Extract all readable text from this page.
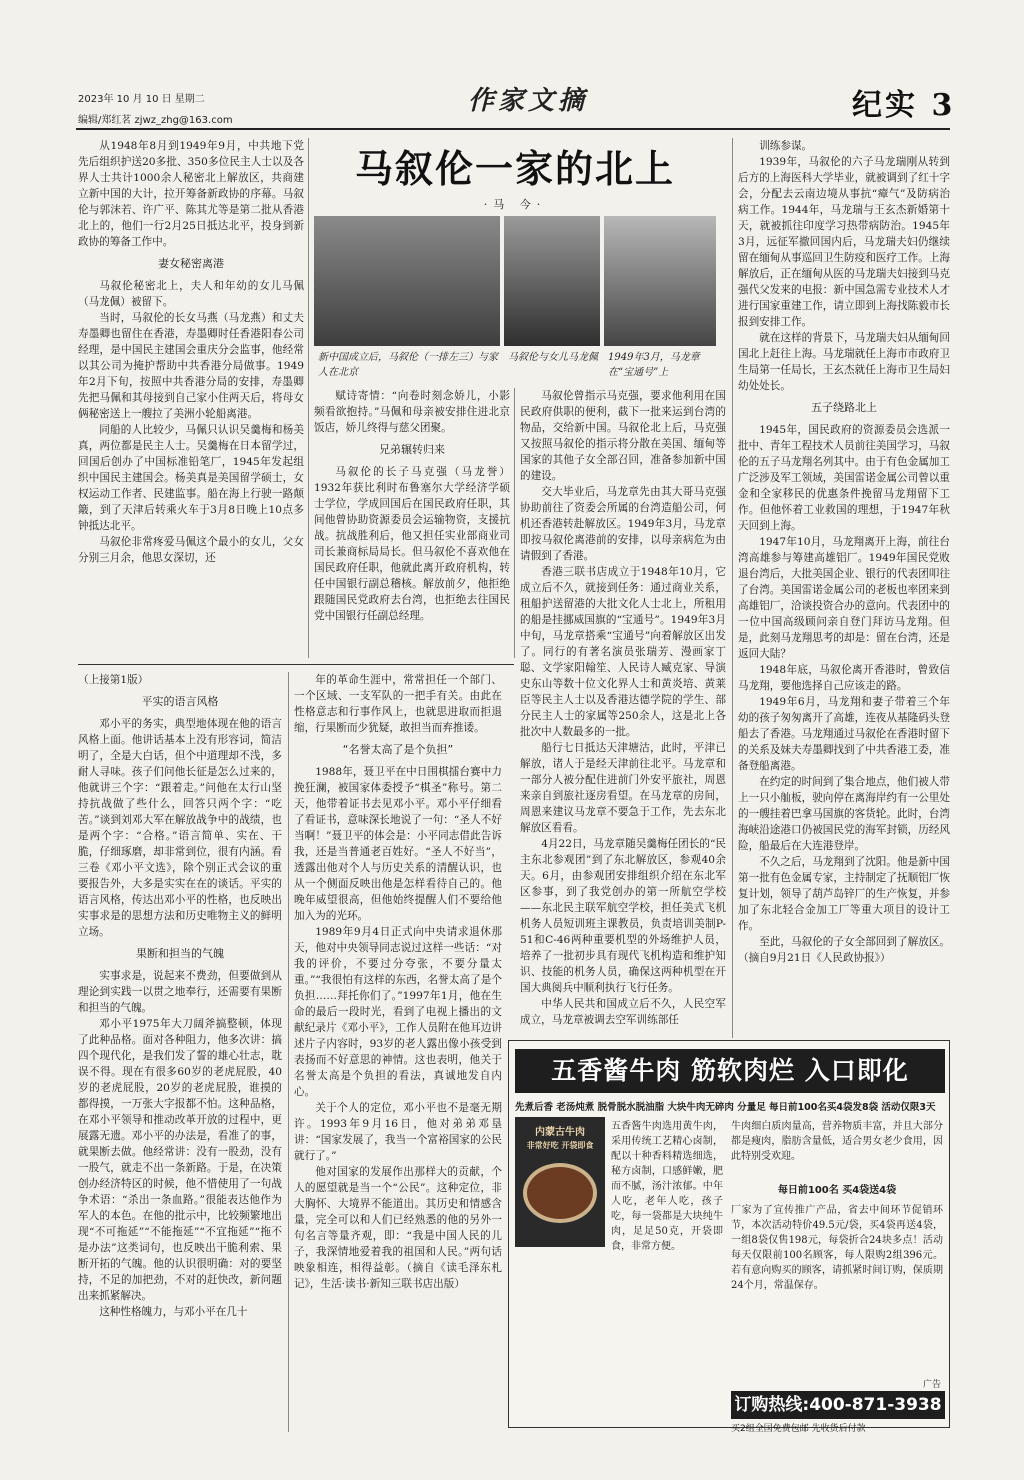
2023年 10 月 10 日 星期二
编辑/郑红茗 zjwz_zhg@163.com
作家文摘	纪实 3

从1948年8月到1949年9月，中共地下党先后组织护送20多批、350多位民主人士以及各界人士共计1000余人秘密北上解放区，共商建立新中国的大计，拉开筹备新政协的序幕。马叙伦与郭沫若、许广平、陈其尤等是第二批从香港北上的，他们一行2月25日抵达北平，投身到新政协的筹备工作中。

妻女秘密离港

马叙伦秘密北上，夫人和年幼的女儿马佩（马龙佩）被留下。

当时，马叙伦的长女马燕（马龙燕）和丈夫寿墨卿也留住在香港，寿墨卿时任香港阳春公司经理，是中国民主建国会重庆分会监事，他经常以其公司为掩护帮助中共香港分局做事。1949年2月下旬，按照中共香港分局的安排，寿墨卿先把马佩和其母接到自己家小住两天后，将母女俩秘密送上一艘拉了美洲小轮船离港。

同船的人比较少，马佩只认识吴羹梅和杨美真，两位都是民主人士。吴羹梅在日本留学过，回国后创办了中国标准铅笔厂，1945年发起组织中国民主建国会。杨美真是美国留学硕士，女权运动工作者、民建监事。船在海上行驶一路颠簸，到了天津后转乘火车于3月8日晚上10点多钟抵达北平。

马叙伦非常疼爱马佩这个最小的女儿，父女分别三月余，他思女深切，还

马叙伦一家的北上
·马 今·
新中国成立后，马叙伦（一排左三）与家人在北京
马叙伦与女儿马龙佩 1949年3月，马龙章在“宝通号”上

赋诗寄情：“向卷时刻念娇儿，小影频看欲抱持。”马佩和母亲被安排住进北京饭店，娇儿终得与慈父团聚。

兄弟辗转归来

马叙伦的长子马克强（马龙誉）1932年获比利时布鲁塞尔大学经济学硕士学位，学成回国后在国民政府任职，其间他曾协助资源委员会运输物资，支援抗战。抗战胜利后，他又担任实业部商业司司长兼商标局局长。但马叙伦不喜欢他在国民政府任职，他就此离开政府机构，转任中国银行副总稽核。解放前夕，他拒绝跟随国民党政府去台湾，也拒绝去往国民党中国银行任副总经理。

马叙伦曾指示马克强，要求他利用在国民政府供职的便利，截下一批来运到台湾的物品，交给新中国。马叙伦北上后，马克强又按照马叙伦的指示将分散在美国、缅甸等国家的其他子女全部召回，准备参加新中国的建设。

交大毕业后，马龙章先由其大哥马克强协助前往了资委会所属的台湾造船公司，何机还香港转赴解放区。1949年3月，马龙章即按马叙伦离港前的安排，以母亲病危为由请假到了香港。

香港三联书店成立于1948年10月，它成立后不久，就接到任务：通过商业关系，租船护送留港的大批文化人士北上，所租用的船是挂挪威国旗的“宝通号”。1949年3月中旬，马龙章搭乘“宝通号”向着解放区出发了。同行的有著名演员张瑞芳、漫画家丁聪、文学家阳翰笙、人民诗人臧克家、导演史东山等数十位文化界人士和黄炎培、黄莱臣等民主人士以及香港达德学院的学生、部分民主人士的家属等250余人，这是北上各批次中人数最多的一批。

船行七日抵达天津塘沽，此时，平津已解放，诸人于是经天津前往北平。马龙章和一部分人被分配住进前门外安平旅社，周恩来亲自到旅社逐房看望。在马龙章的房间，周恩来建议马龙章不要急于工作，先去东北解放区看看。

4月22日，马龙章随吴羹梅任团长的“民主东北参观团”到了东北解放区，参观40余天。6月，由参观团安排组织介绍在东北军区参事，到了我党创办的第一所航空学校——东北民主联军航空学校，担任美式飞机机务人员短训班主课教员，负责培训美制P-51和C-46两种重要机型的外场维护人员，培养了一批初步具有现代飞机构造和维护知识、技能的机务人员，确保这两种机型在开国大典阅兵中顺利执行飞行任务。

中华人民共和国成立后不久，人民空军成立，马龙章被调去空军训练部任

训练参谋。

1939年，马叙伦的六子马龙瑞刚从转到后方的上海医科大学毕业，就被调到了红十字会，分配去云南边境从事抗“瘴气”及防病治病工作。1944年，马龙瑞与王玄杰新婚第十天，就被抓往印度学习热带病防治。1945年3月，远征军撤回国内后，马龙瑞夫妇仍继续留在缅甸从事巡回卫生防疫和医疗工作。上海解放后，正在缅甸从医的马龙瑞夫妇接到马克强代父发来的电报：新中国急需专业技术人才进行国家重建工作，请立即到上海找陈毅市长报到安排工作。

就在这样的背景下，马龙瑞夫妇从缅甸回国北上赶往上海。马龙瑞就任上海市市政府卫生局第一任局长，王玄杰就任上海市卫生局妇幼处处长。

五子绕路北上

1945年，国民政府的资源委员会选派一批中、青年工程技术人员前往美国学习，马叙伦的五子马龙翔名列其中。由于有色金属加工广泛涉及军工领域，美国雷诺金属公司曾以重金和全家移民的优惠条件挽留马龙翔留下工作。但他怀着工业救国的理想，于1947年秋天回到上海。

1947年10月，马龙翔离开上海，前往台湾高雄参与筹建高雄铝厂。1949年国民党败退台湾后，大批美国企业、银行的代表团叩往了台湾。美国雷诺金属公司的老板也率团来到高雄铝厂，洽谈投资合办的意向。代表团中的一位中国高级顾问亲自登门拜访马龙翔。但是，此刻马龙翔思考的却是：留在台湾，还是返回大陆？

1948年底，马叙伦离开香港时，曾致信马龙翔，要他选择自己应该走的路。

1949年6月，马龙翔和妻子带着三个年幼的孩子匆匆离开了高雄，连夜从基隆码头登船去了香港。马龙翔通过马叙伦在香港时留下的关系及妹夫寿墨卿找到了中共香港工委，准备登船离港。

在约定的时间到了集合地点，他们被人带上一只小舢板，驶向停在离海岸约有一公里处的一艘挂着巴拿马国旗的客货轮。此时，台湾海峡沿途港口仍被国民党的海军封锁，历经风险，船最后在大连港登岸。

不久之后，马龙翔到了沈阳。他是新中国第一批有色金属专家，主持制定了抚顺铝厂恢复计划，领导了葫芦岛锌厂的生产恢复，并参加了东北轻合金加工厂等重大项目的设计工作。

至此，马叙伦的子女全部回到了解放区。（摘自9月21日《人民政协报》）

（上接第1版）
平实的语言风格

邓小平的务实，典型地体现在他的语言风格上面。他讲话基本上没有形容词，简洁明了，全是大白话，但个中道理却不浅，多耐人寻味。孩子们问他长征是怎么过来的，他就讲三个字：“跟着走。”问他在太行山坚持抗战做了些什么，回答只两个字：“吃苦。”谈到刘邓大军在解放战争中的战绩，也是两个字：“合格。”语言简单、实在、干脆，仔细琢磨，却非常到位，很有内涵。看三卷《邓小平文选》，除个别正式会议的重要报告外，大多是实实在在的谈话。平实的语言风格，传达出邓小平的性格，也反映出实事求是的思想方法和历史唯物主义的鲜明立场。

果断和担当的气魄

实事求是，说起来不费劲，但要做到从理论到实践一以贯之地奉行，还需要有果断和担当的气魄。

邓小平1975年大刀阔斧搞整顿，体现了此种品格。面对各种阻力，他多次讲：搞四个现代化，是我们发了誓的雄心壮志，耽误不得。现在有很多60岁的老虎屁股，40岁的老虎屁股，20岁的老虎屁股，谁摸的都得摸，一万张大字报都不怕。这种品格，在邓小平领导和推动改革开放的过程中，更展露无遗。邓小平的办法是，看准了的事，就果断去做。他经常讲：没有一股劲，没有一股气，就走不出一条新路。于是，在决策创办经济特区的时候，他不惜使用了一句战争术语：“杀出一条血路。”很能表达他作为军人的本色。在他的批示中，比较频繁地出现“不可拖延”“不能拖延”“不宜拖延”“拖不是办法”这类词句，也反映出干脆利索、果断开拓的气魄。他的认识很明确：对的要坚持，不足的加把劲，不对的赶快改，新问题出来抓紧解决。

这种性格魄力，与邓小平在几十

年的革命生涯中，常常担任一个部门、一个区域、一支军队的一把手有关。由此在性格意志和行事作风上，也就思进取而拒退缩，行果断而少犹疑，敢担当而弃推诿。

“名誉太高了是个负担”

1988年，聂卫平在中日围棋擂台赛中力挽狂澜，被国家体委授予“棋圣”称号。第二天，他带着证书去见邓小平。邓小平仔细看了看证书，意味深长地说了一句：“圣人不好当啊！”聂卫平的体会是：小平同志借此告诉我，还是当普通老百姓好。“圣人不好当”，透露出他对个人与历史关系的清醒认识，也从一个侧面反映出他是怎样看待自己的。他晚年威望很高，但他始终提醒人们不要给他加入为的光环。

1989年9月4日正式向中央请求退休那天，他对中央领导同志说过这样一些话：“对我的评价，不要过分夸张，不要分量太重。”“我很怕有这样的东西，名誉太高了是个负担……拜托你们了。”1997年1月，他在生命的最后一段时光，看到了电视上播出的文献纪录片《邓小平》，工作人员附在他耳边讲述片子内容时，93岁的老人露出像小孩受到表扬而不好意思的神情。这也表明，他关于名誉太高是个负担的看法，真诚地发自内心。

关于个人的定位，邓小平也不是毫无期许。1993年9月16日，他对弟弟邓垦讲：“国家发展了，我当一个富裕国家的公民就行了。”

他对国家的发展作出那样大的贡献，个人的愿望就是当一个“公民”。这种定位，非大胸怀、大境界不能道出。其历史和情感含量，完全可以和人们已经熟悉的他的另外一句名言等量齐观，即：“我是中国人民的儿子，我深情地爱着我的祖国和人民。”两句话映象相连，相得益彰。（摘自《读毛泽东札记》，生活·读书·新知三联书店出版）

五香酱牛肉 筋软肉烂 入口即化
先煮后香 老汤炖煮 脱骨脱水脱油脂 大块牛肉无碎肉 分量足 每日前100名买4袋发8袋 活动仅限3天
内蒙古牛肉
非常好吃 开袋即食
五香酱牛肉选用黄牛肉，采用传统工艺精心卤制，配以十种香料精选细选，秘方卤制，口感鲜嫩，肥而不腻，汤汁浓郁。中年人吃，老年人吃，孩子吃，每一袋都是大块纯牛肉，足足50克，开袋即食，非常方便。
牛肉细白质肉量高，营养物质丰富，并且大部分都是瘦肉，脂肪含量低，适合男女老少食用，因此特别受欢迎。
每日前100名 买4袋送4袋
厂家为了宣传推广产品，省去中间环节促销环节，本次活动特价49.5元/袋，买4袋再送4袋，一组8袋仅售198元，每袋折合24块多点！活动每天仅限前100名顾客，每人限购2组396元。若有意向购买的顾客，请抓紧时间订购，保质期24个月，常温保存。
广告
订购热线:400-871-3938
买2组全国免费包邮 先收货后付款
